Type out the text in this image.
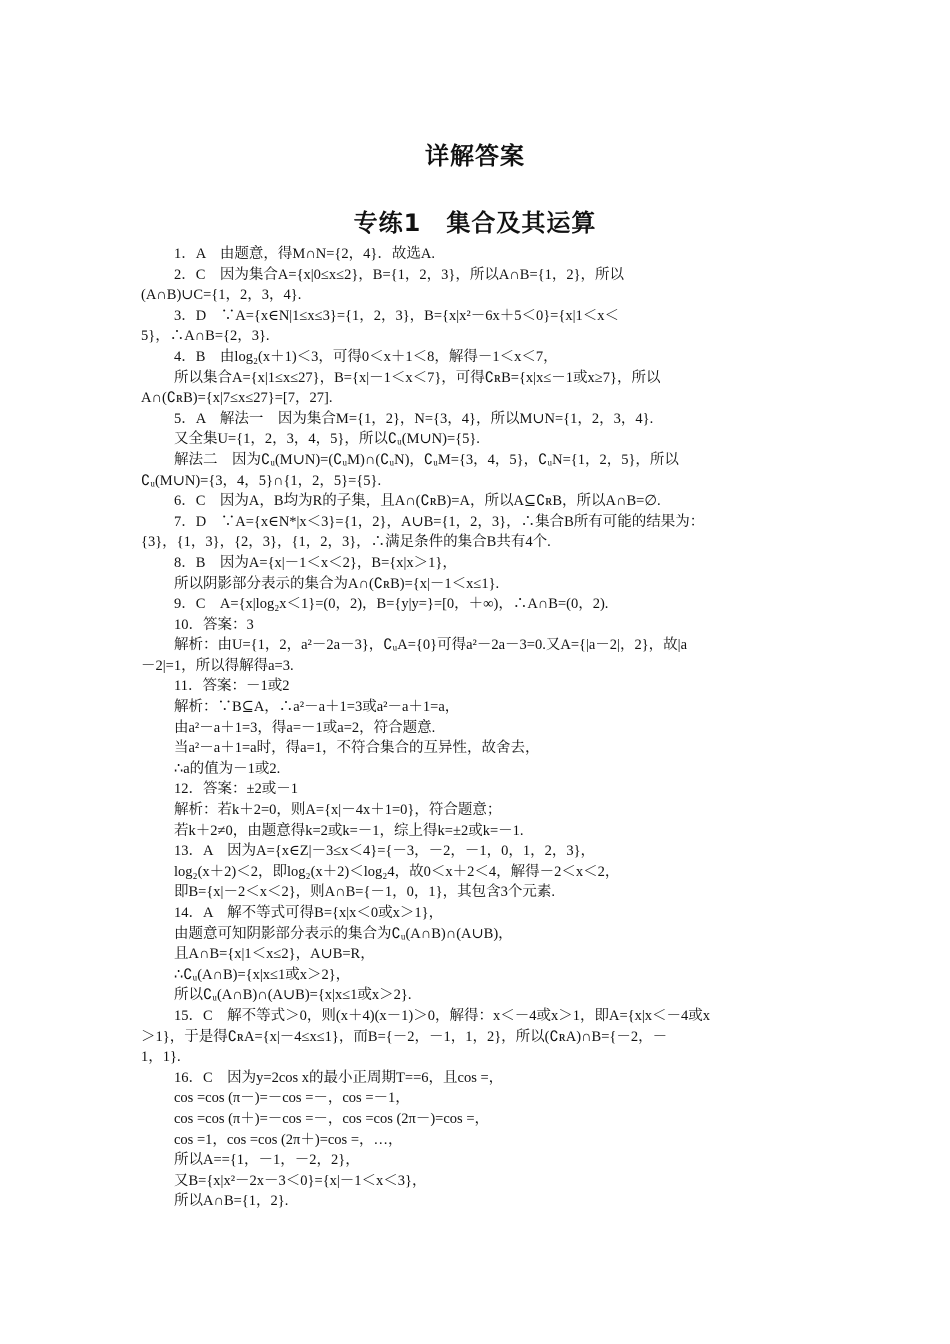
详解答案
专练1　集合及其运算
1．A　由题意，得M∩N={2，4}．故选A.
2．C　因为集合A={x|0≤x≤2}，B={1，2，3}，所以A∩B={1，2}，所以
(A∩B)∪C={1，2，3，4}.
3．D　∵A={x∈N|1≤x≤3}={1，2，3}，B={x|x²－6x＋5＜0}={x|1＜x＜
5}，∴A∩B={2，3}.
4．B　由log₂(x＋1)＜3，可得0＜x＋1＜8，解得－1＜x＜7，
所以集合A={x|1≤x≤27}，B={x|－1＜x＜7}，可得∁ʀB={x|x≤－1或x≥7}，所以
A∩(∁ʀB)={x|7≤x≤27}=[7，27].
5．A　解法一　因为集合M={1，2}，N={3，4}，所以M∪N={1，2，3，4}.
又全集U={1，2，3，4，5}，所以∁ᵤ(M∪N)={5}.
解法二　因为∁ᵤ(M∪N)=(∁ᵤM)∩(∁ᵤN)，∁ᵤM={3，4，5}，∁ᵤN={1，2，5}，所以
∁ᵤ(M∪N)={3，4，5}∩{1，2，5}={5}.
6．C　因为A，B均为R的子集，且A∩(∁ʀB)=A，所以A⊆∁ʀB，所以A∩B=∅.
7．D　∵A={x∈N*|x＜3}={1，2}，A∪B={1，2，3}，∴集合B所有可能的结果为：
{3}，{1，3}，{2，3}，{1，2，3}，∴满足条件的集合B共有4个.
8．B　因为A={x|－1＜x＜2}，B={x|x＞1}，
所以阴影部分表示的集合为A∩(∁ʀB)={x|－1＜x≤1}.
9．C　A={x|log₂x＜1}=(0，2)，B={y|y=}=[0，＋∞)，∴A∩B=(0，2).
10．答案：3
解析：由U={1，2，a²－2a－3}，∁ᵤA={0}可得a²－2a－3=0.又A={|a－2|，2}，故|a
－2|=1，所以得解得a=3.
11．答案：－1或2
解析：∵B⊆A，∴a²－a＋1=3或a²－a＋1=a，
由a²－a＋1=3，得a=－1或a=2，符合题意.
当a²－a＋1=a时，得a=1，不符合集合的互异性，故舍去，
∴a的值为－1或2.
12．答案：±2或－1
解析：若k＋2=0，则A={x|－4x＋1=0}，符合题意；
若k＋2≠0，由题意得k=2或k=－1，综上得k=±2或k=－1.
13．A　因为A={x∈Z|－3≤x＜4}={－3，－2，－1，0，1，2，3}，
log₂(x＋2)＜2，即log₂(x＋2)＜log₂4，故0＜x＋2＜4，解得－2＜x＜2，
即B={x|－2＜x＜2}，则A∩B={－1，0，1}，其包含3个元素.
14．A　解不等式可得B={x|x＜0或x＞1}，
由题意可知阴影部分表示的集合为∁ᵤ(A∩B)∩(A∪B)，
且A∩B={x|1＜x≤2}，A∪B=R，
∴∁ᵤ(A∩B)={x|x≤1或x＞2}，
所以∁ᵤ(A∩B)∩(A∪B)={x|x≤1或x＞2}.
15．C　解不等式＞0，则(x＋4)(x－1)＞0，解得：x＜－4或x＞1，即A={x|x＜－4或x
＞1}，于是得∁ʀA={x|－4≤x≤1}，而B={－2，－1，1，2}，所以(∁ʀA)∩B={－2，－
1，1}.
16．C　因为y=2cos x的最小正周期T==6，且cos =，
cos =cos (π－)=－cos =－，cos =－1，
cos =cos (π＋)=－cos =－，cos =cos (2π－)=cos =，
cos =1，cos =cos (2π＋)=cos =，…，
所以A=={1，－1，－2，2}，
又B={x|x²－2x－3＜0}={x|－1＜x＜3}，
所以A∩B={1，2}.
